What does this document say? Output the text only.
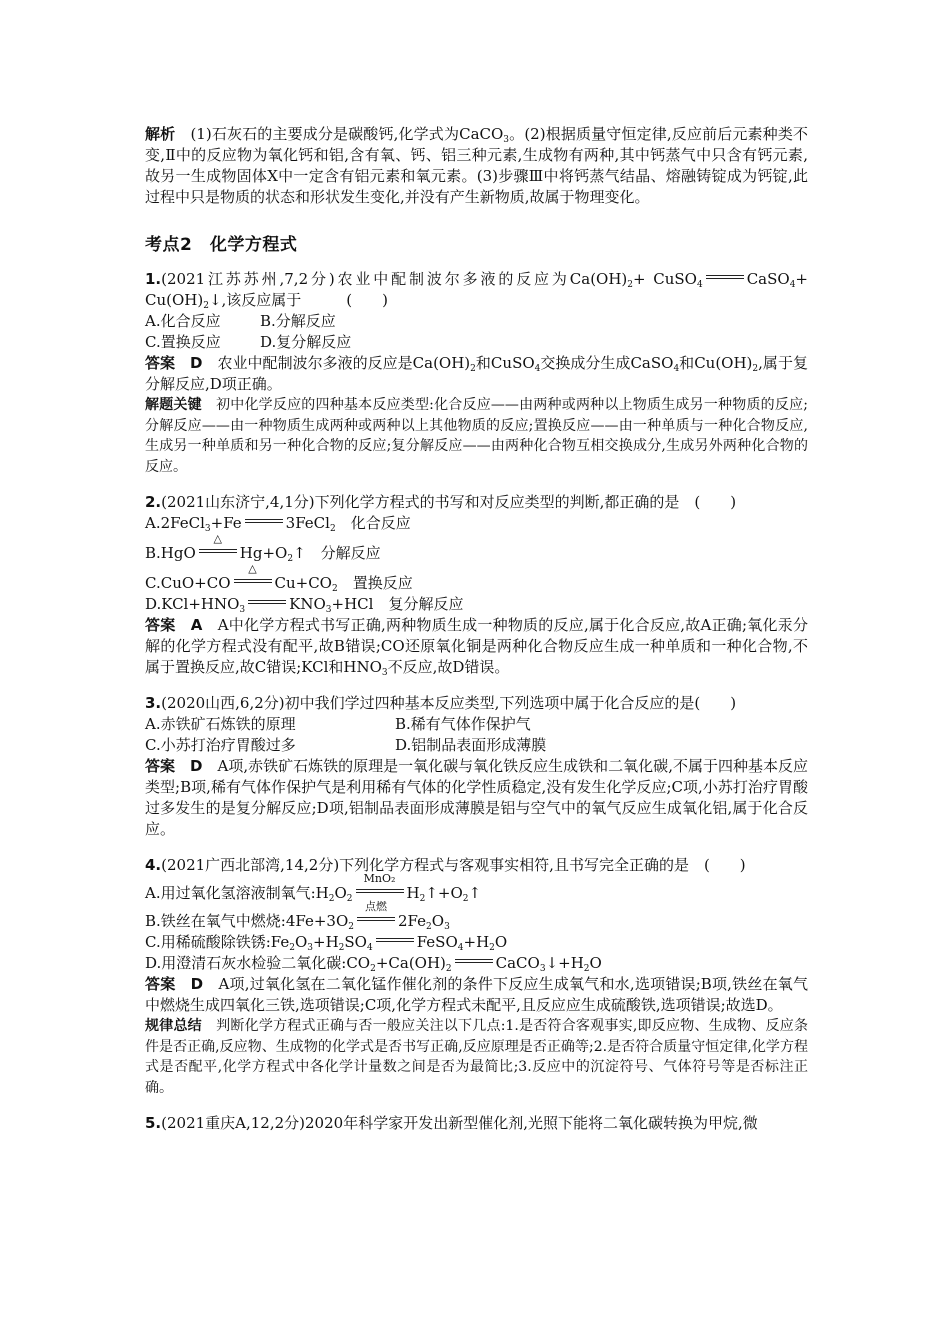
解析　 (1)石灰石的主要成分是碳酸钙,化学式为CaCO$_3$。(2)根据质量守恒定律,反应前后元素种类不变,Ⅱ中的反应物为氧化钙和铝,含有氧、钙、铝三种元素,生成物有两种,其中钙蒸气中只含有钙元素,故另一生成物固体X中一定含有铝元素和氧元素。(3)步骤Ⅲ中将钙蒸气结晶、熔融铸锭成为钙锭,此过程中只是物质的状态和形状发生变化,并没有产生新物质,故属于物理变化。

考点2　化学方程式

1.(2021江苏苏州,7,2分)农业中配制波尔多液的反应为$Ca(OH)_2+$ CuSO$_4$	CaSO$_4$+ $Cu(OH)_2↓$,该反应属于　　　(　　)

A.化合反应	B.分解反应
C.置换反应	D.复分解反应

答案　 D　 农业中配制波尔多液的反应是$Ca(OH)_2$和CuSO$_4$交换成分生成CaSO$_4$和$Cu(OH)_2$,属于复分解反应,D项正确。

解题关键　 初中化学反应的四种基本反应类型:化合反应——由两种或两种以上物质生成另一种物质的反应;分解反应——由一种物质生成两种或两种以上其他物质的反应;置换反应——由一种单质与一种化合物反应,生成另一种单质和另一种化合物的反应;复分解反应——由两种化合物互相交换成分,生成另外两种化合物的反应。

2.(2021山东济宁,4,1分)下列化学方程式的书写和对反应类型的判断,都正确的是　(　　)

A.2FeCl$_3$+Fe	3FeCl$_2$　化合反应

B.HgO
△
$Hg+O_2↑$　分解反应

C.CuO+CO
△
$Cu+CO_2$　置换反应

$D.KCl+HNO_3$	$KNO_3+HCl$　复分解反应

答案　 A　 A中化学方程式书写正确,两种物质生成一种物质的反应,属于化合反应,故A正确;氧化汞分解的化学方程式没有配平,故B错误;CO还原氧化铜是两种化合物反应生成一种单质和一种化合物,不属于置换反应,故C错误;KCl和$HNO_3$不反应,故D错误。

3.(2020山西,6,2分)初中我们学过四种基本反应类型,下列选项中属于化合反应的是(　　)

A.赤铁矿石炼铁的原理	B.稀有气体作保护气
C.小苏打治疗胃酸过多	D.铝制品表面形成薄膜

答案　 D　 A项,赤铁矿石炼铁的原理是一氧化碳与氧化铁反应生成铁和二氧化碳,不属于四种基本反应类型;B项,稀有气体作保护气是利用稀有气体的化学性质稳定,没有发生化学反应;C项,小苏打治疗胃酸过多发生的是复分解反应;D项,铝制品表面形成薄膜是铝与空气中的氧气反应生成氧化铝,属于化合反应。

4.(2021广西北部湾,14,2分)下列化学方程式与客观事实相符,且书写完全正确的是　(　　)

A.用过氧化氢溶液制氧气$:H_2O_2$
MnO₂
$H_2↑+O_2↑$

B.铁丝在氧气中燃烧$:4Fe+3O_2$
点燃
$2Fe_2O_3$

C.用稀硫酸除铁锈$:Fe_2O_3+H_2SO_4$	$FeSO_4+H_2O$

D.用澄清石灰水检验二氧化碳$:CO_2+Ca(OH)_2$	$CaCO_3↓+H_2O$

答案　 D　 A项,过氧化氢在二氧化锰作催化剂的条件下反应生成氧气和水,选项错误;B项,铁丝在氧气中燃烧生成四氧化三铁,选项错误;C项,化学方程式未配平,且反应应生成硫酸铁,选项错误;故选D。

规律总结　 判断化学方程式正确与否一般应关注以下几点:1.是否符合客观事实,即反应物、生成物、反应条件是否正确,反应物、生成物的化学式是否书写正确,反应原理是否正确等;2.是否符合质量守恒定律,化学方程式是否配平,化学方程式中各化学计量数之间是否为最简比;3.反应中的沉淀符号、气体符号等是否标注正确。

5.(2021重庆A,12,2分)2020年科学家开发出新型催化剂,光照下能将二氧化碳转换为甲烷,微
